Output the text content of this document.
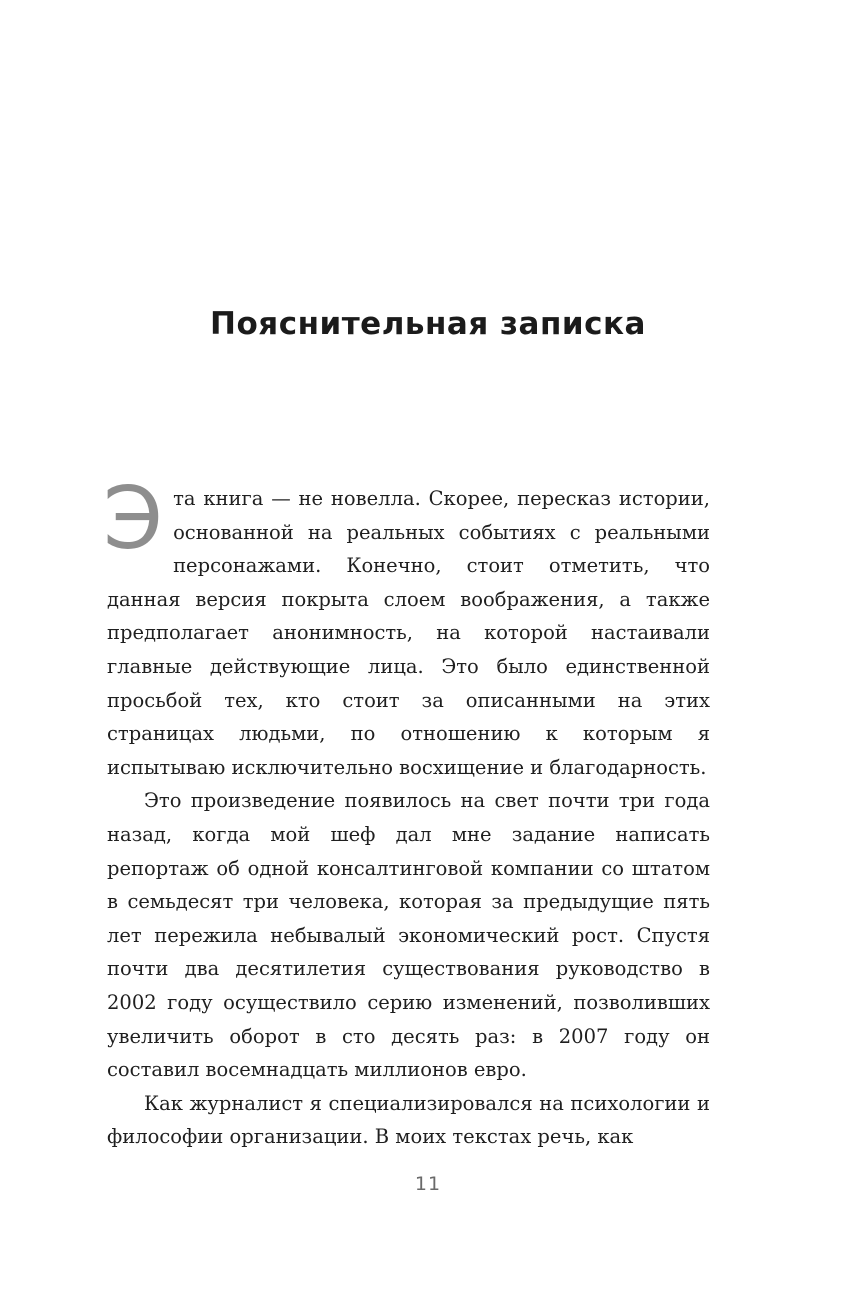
Пояснительная записка

Эта книга — не новелла. Скорее, пересказ истории, основанной на реальных событиях с реальными персонажами. Конечно, стоит отметить, что данная версия покрыта слоем воображения, а также предполагает анонимность, на которой настаивали главные действующие лица. Это было единственной просьбой тех, кто стоит за описанными на этих страницах людьми, по отношению к которым я испытываю исключительно восхищение и благодарность.

Это произведение появилось на свет почти три года назад, когда мой шеф дал мне задание написать репортаж об одной консалтинговой компании со штатом в семьдесят три человека, которая за предыдущие пять лет пережила небывалый экономический рост. Спустя почти два десятилетия существования руководство в 2002 году осуществило серию изменений, позволивших увеличить оборот в сто десять раз: в 2007 году он составил восемнадцать миллионов евро.

Как журналист я специализировался на психологии и философии организации. В моих текстах речь, как

11
